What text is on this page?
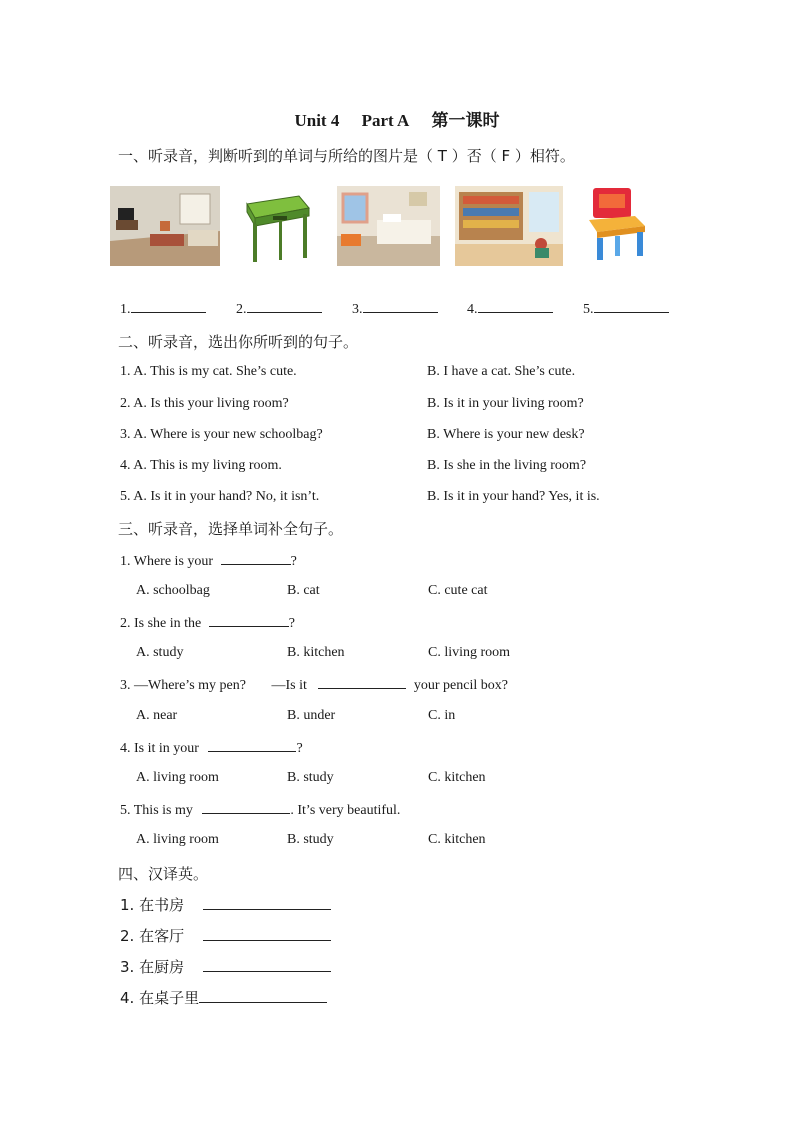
Unit 4 Part A 第一课时
一、听录音，判断听到的单词与所给的图片是（ T ）否（ F ）相符。
1.	2.	3.	4.	5.
二、听录音，选出你所听到的句子。
1. A. This is my cat. She’s cute.	B. I have a cat. She’s cute.
2. A. Is this your living room?	B. Is it in your living room?
3. A. Where is your new schoolbag?	B. Where is your new desk?
4. A. This is my living room.	B. Is she in the living room?
5. A. Is it in your hand? No, it isn’t.	B. Is it in your hand? Yes, it is.
三、听录音，选择单词补全句子。
1. Where is your	?
A. schoolbag	B. cat	C. cute cat
2. Is she in the	?
A. study	B. kitchen	C. living room
3. —Where’s my pen? —Is it	your pencil box?
A. near	B. under	C. in
4. Is it in your	?
A. living room	B. study	C. kitchen
5. This is my	. It’s very beautiful.
A. living room	B. study	C. kitchen
四、汉译英。
1. 在书房
2. 在客厅
3. 在厨房
4. 在桌子里
